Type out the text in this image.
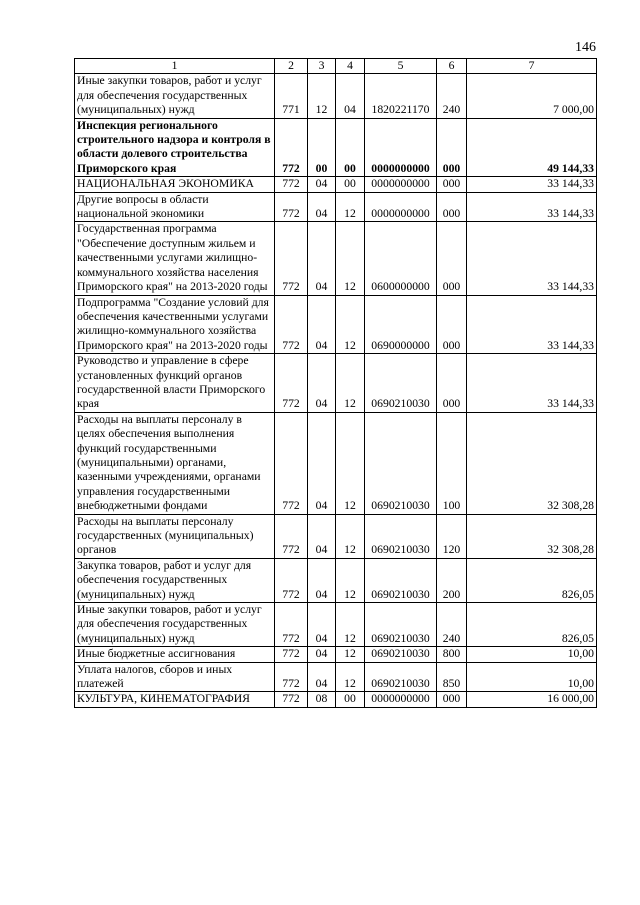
146
1	2	3	4	5	6	7
Иные закупки товаров, работ и услуг для обеспечения государственных (муниципальных) нужд	771	12	04	1820221170	240	7 000,00
Инспекция регионального строительного надзора и контроля в области долевого строительства Приморского края	772	00	00	0000000000	000	49 144,33
НАЦИОНАЛЬНАЯ ЭКОНОМИКА	772	04	00	0000000000	000	33 144,33
Другие вопросы в области национальной экономики	772	04	12	0000000000	000	33 144,33
Государственная программа "Обеспечение доступным жильем и качественными услугами жилищно-коммунального хозяйства населения Приморского края" на 2013-2020 годы	772	04	12	0600000000	000	33 144,33
Подпрограмма "Создание условий для обеспечения качественными услугами жилищно-коммунального хозяйства Приморского края" на 2013-2020 годы	772	04	12	0690000000	000	33 144,33
Руководство и управление в сфере установленных функций органов государственной власти Приморского края	772	04	12	0690210030	000	33 144,33
Расходы на выплаты персоналу в целях обеспечения выполнения функций государственными (муниципальными) органами, казенными учреждениями, органами управления государственными внебюджетными фондами	772	04	12	0690210030	100	32 308,28
Расходы на выплаты персоналу государственных (муниципальных) органов	772	04	12	0690210030	120	32 308,28
Закупка товаров, работ и услуг для обеспечения государственных (муниципальных) нужд	772	04	12	0690210030	200	826,05
Иные закупки товаров, работ и услуг для обеспечения государственных (муниципальных) нужд	772	04	12	0690210030	240	826,05
Иные бюджетные ассигнования	772	04	12	0690210030	800	10,00
Уплата налогов, сборов и иных платежей	772	04	12	0690210030	850	10,00
КУЛЬТУРА, КИНЕМАТОГРАФИЯ	772	08	00	0000000000	000	16 000,00
